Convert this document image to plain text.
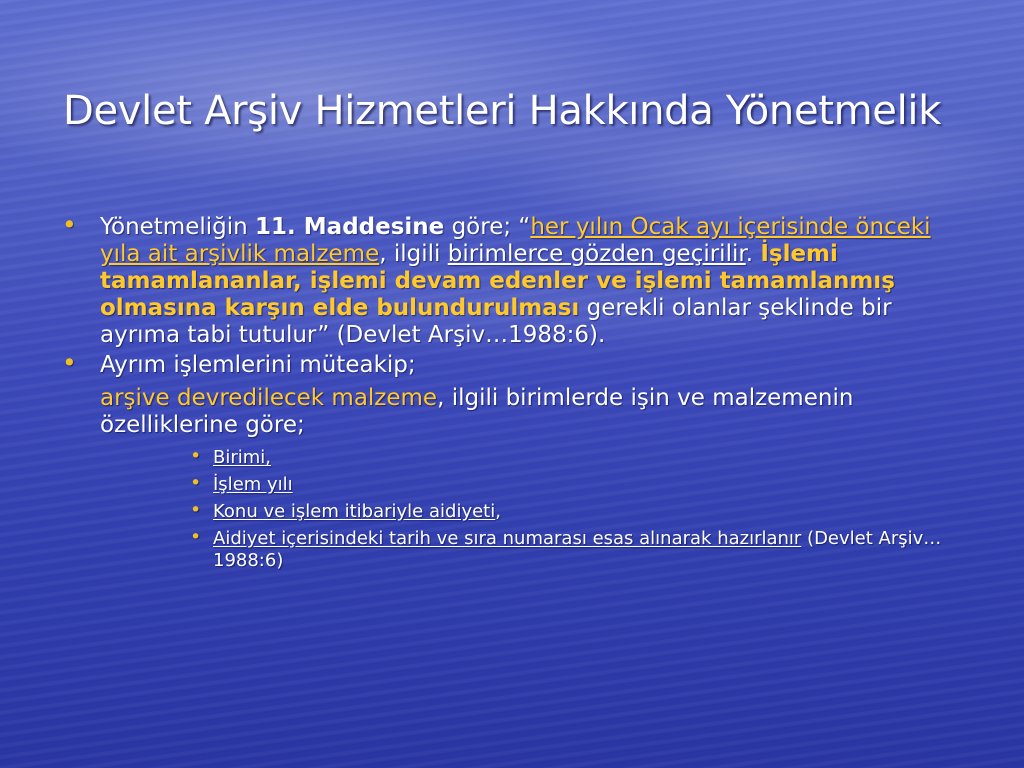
Devlet Arşiv Hizmetleri Hakkında Yönetmelik
• Yönetmeliğin 11. Maddesine göre; “her yılın Ocak ayı içerisinde önceki yıla ait arşivlik malzeme, ilgili birimlerce gözden geçirilir. İşlemi tamamlananlar, işlemi devam edenler ve işlemi tamamlanmış olmasına karşın elde bulundurulması gerekli olanlar şeklinde bir ayrıma tabi tutulur” (Devlet Arşiv…1988:6).
• Ayrım işlemlerini müteakip;
arşive devredilecek malzeme, ilgili birimlerde işin ve malzemenin özelliklerine göre;
• Birimi,
• İşlem yılı
• Konu ve işlem itibariyle aidiyeti,
• Aidiyet içerisindeki tarih ve sıra numarası esas alınarak hazırlanır (Devlet Arşiv…1988:6)
